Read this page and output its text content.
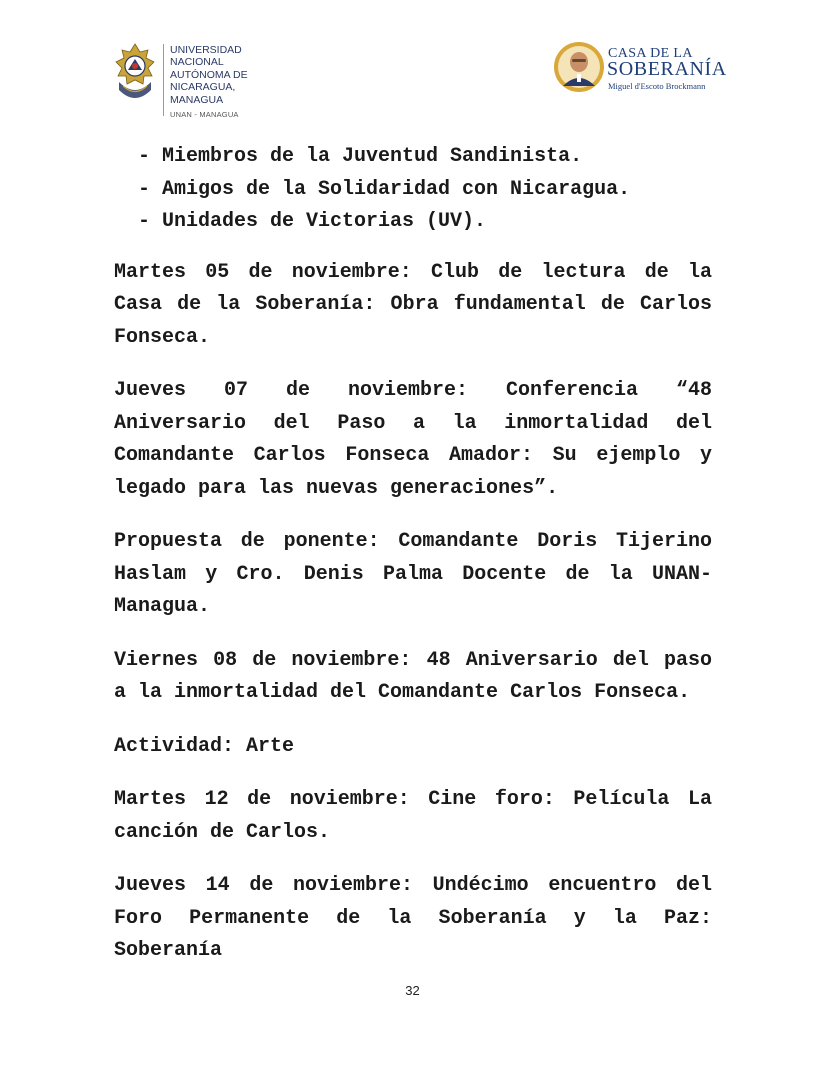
UNIVERSIDAD
NACIONAL
AUTÓNOMA DE
NICARAGUA,
MANAGUA
UNAN - MANAGUA
CASA DE LA
SOBERANÍA
Miguel d'Escoto Brockmann
- Miembros de la Juventud Sandinista.
- Amigos de la Solidaridad con Nicaragua.
- Unidades de Victorias (UV).

Martes 05 de noviembre: Club de lectura de la Casa de la Soberanía: Obra fundamental de Carlos Fonseca.

Jueves 07 de noviembre: Conferencia “48 Aniversario del Paso a la inmortalidad del Comandante Carlos Fonseca Amador: Su ejemplo y legado para las nuevas generaciones”.

Propuesta de ponente: Comandante Doris Tijerino Haslam y Cro. Denis Palma Docente de la UNAN-Managua.

Viernes 08 de noviembre: 48 Aniversario del paso a la inmortalidad del Comandante Carlos Fonseca.

Actividad: Arte

Martes 12 de noviembre: Cine foro: Película La canción de Carlos.

Jueves 14 de noviembre: Undécimo encuentro del Foro Permanente de la Soberanía y la Paz: Soberanía

32
